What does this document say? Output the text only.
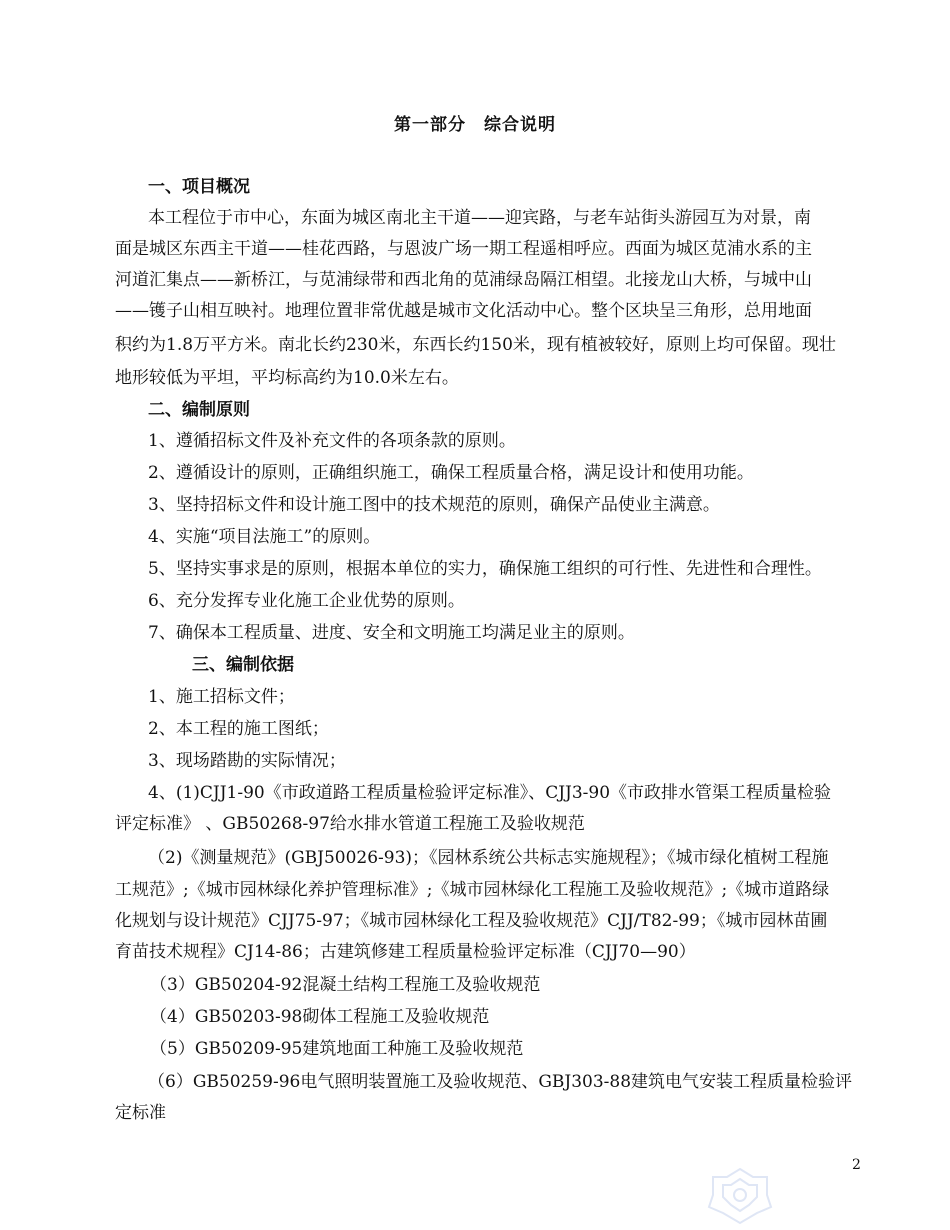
第一部分　综合说明
一、项目概况
本工程位于市中心，东面为城区南北主干道——迎宾路，与老车站街头游园互为对景，南
面是城区东西主干道——桂花西路，与恩波广场一期工程遥相呼应。西面为城区苋浦水系的主
河道汇集点——新桥江，与苋浦绿带和西北角的苋浦绿岛隔江相望。北接龙山大桥，与城中山
——镬子山相互映衬。地理位置非常优越是城市文化活动中心。整个区块呈三角形，总用地面
积约为1.8万平方米。南北长约230米，东西长约150米，现有植被较好，原则上均可保留。现壮
地形较低为平坦，平均标高约为10.0米左右。
二、编制原则
1、遵循招标文件及补充文件的各项条款的原则。
2、遵循设计的原则，正确组织施工，确保工程质量合格，满足设计和使用功能。
3、坚持招标文件和设计施工图中的技术规范的原则，确保产品使业主满意。
4、实施“项目法施工”的原则。
5、坚持实事求是的原则，根据本单位的实力，确保施工组织的可行性、先进性和合理性。
6、充分发挥专业化施工企业优势的原则。
7、确保本工程质量、进度、安全和文明施工均满足业主的原则。
三、编制依据
1、施工招标文件；
2、本工程的施工图纸；
3、现场踏勘的实际情况；
4、(1)CJJ1-90《市政道路工程质量检验评定标准》、CJJ3-90《市政排水管渠工程质量检验
评定标准》 、GB50268-97给水排水管道工程施工及验收规范
（2)《测量规范》(GBJ50026-93)；《园林系统公共标志实施规程》；《城市绿化植树工程施
工规范》;《城市园林绿化养护管理标准》;《城市园林绿化工程施工及验收规范》;《城市道路绿
化规划与设计规范》CJJ75-97；《城市园林绿化工程及验收规范》CJJ/T82-99；《城市园林苗圃
育苗技术规程》CJ14-86；古建筑修建工程质量检验评定标准（CJJ70—90）
（3）GB50204-92混凝土结构工程施工及验收规范
（4）GB50203-98砌体工程施工及验收规范
（5）GB50209-95建筑地面工种施工及验收规范
（6）GB50259-96电气照明装置施工及验收规范、GBJ303-88建筑电气安装工程质量检验评
定标准
2
